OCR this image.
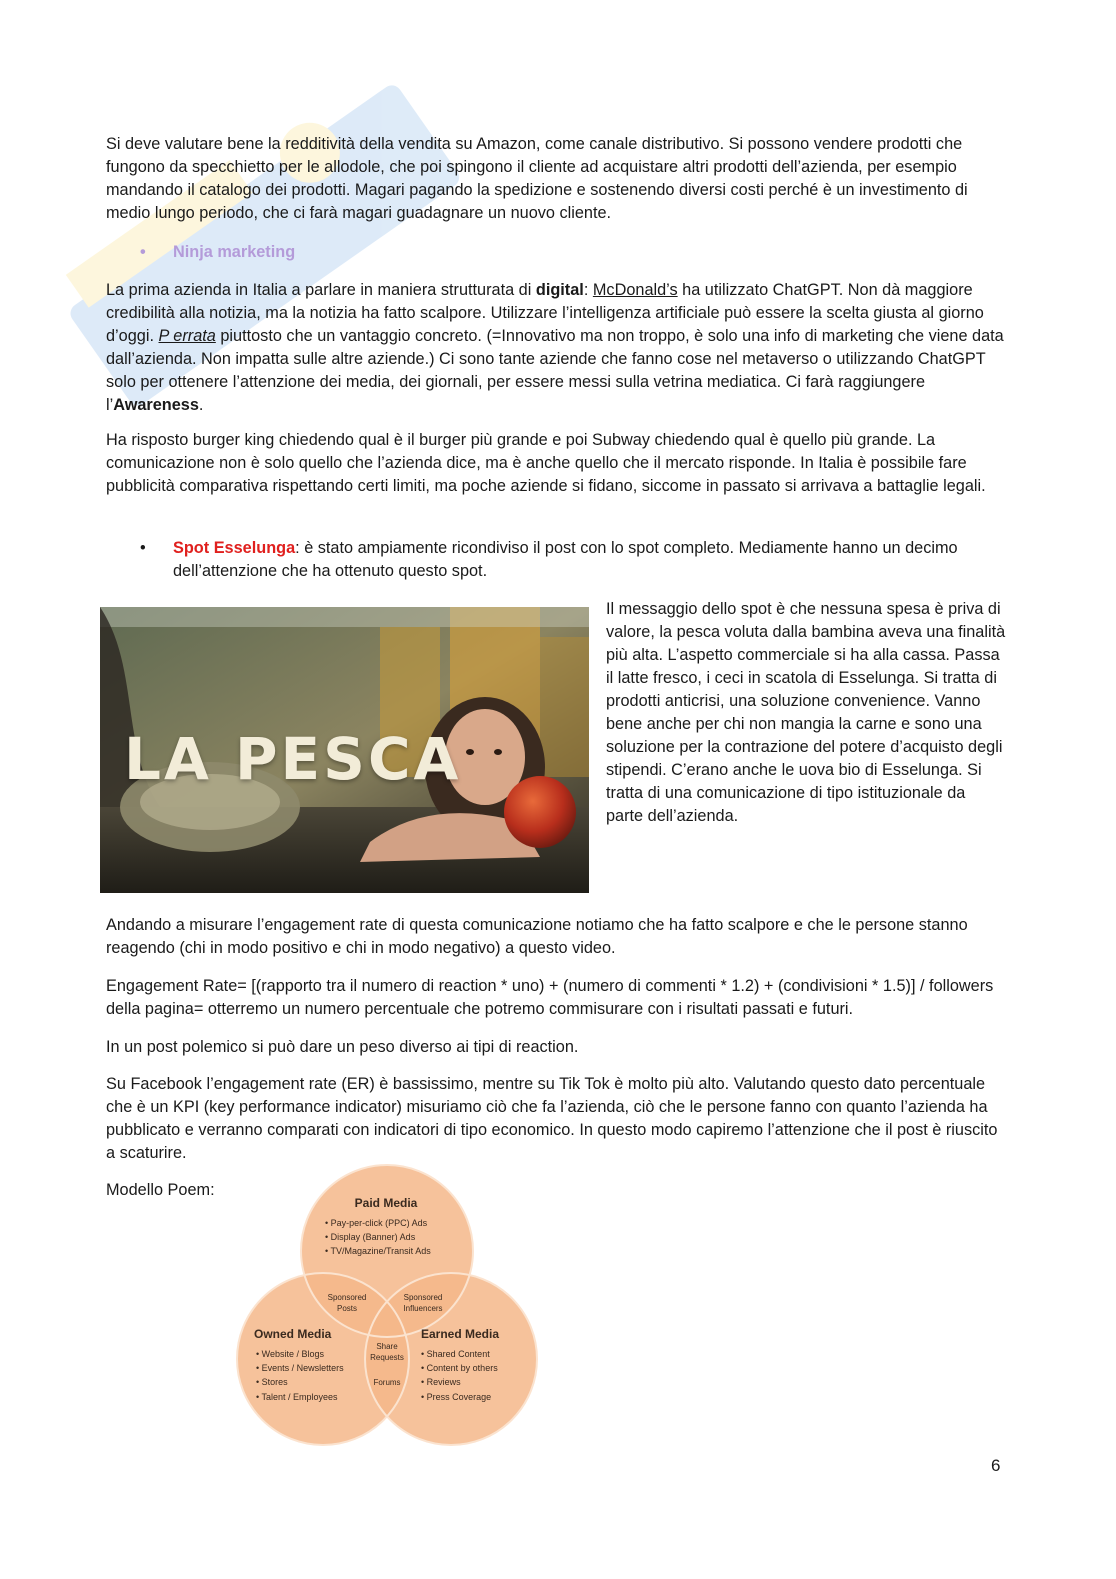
Si deve valutare bene la redditività della vendita su Amazon, come canale distributivo. Si possono vendere prodotti che fungono da specchietto per le allodole, che poi spingono il cliente ad acquistare altri prodotti dell’azienda, per esempio mandando il catalogo dei prodotti. Magari pagando la spedizione e sostenendo diversi costi perché è un investimento di medio lungo periodo, che ci farà magari guadagnare un nuovo cliente.

•	Ninja marketing

La prima azienda in Italia a parlare in maniera strutturata di digital: McDonald’s ha utilizzato ChatGPT. Non dà maggiore credibilità alla notizia, ma la notizia ha fatto scalpore. Utilizzare l’intelligenza artificiale può essere la scelta giusta al giorno d’oggi. P errata piuttosto che un vantaggio concreto. (=Innovativo ma non troppo, è solo una info di marketing che viene data dall’azienda. Non impatta sulle altre aziende.) Ci sono tante aziende che fanno cose nel metaverso o utilizzando ChatGPT solo per ottenere l’attenzione dei media, dei giornali, per essere messi sulla vetrina mediatica. Ci farà raggiungere l’Awareness.

Ha risposto burger king chiedendo qual è il burger più grande e poi Subway chiedendo qual è quello più grande. La comunicazione non è solo quello che l’azienda dice, ma è anche quello che il mercato risponde. In Italia è possibile fare pubblicità comparativa rispettando certi limiti, ma poche aziende si fidano, siccome in passato si arrivava a battaglie legali.

•	Spot Esselunga: è stato ampiamente ricondiviso il post con lo spot completo. Mediamente hanno un decimo dell’attenzione che ha ottenuto questo spot.

LA PESCA

Il messaggio dello spot è che nessuna spesa è priva di valore, la pesca voluta dalla bambina aveva una finalità più alta. L’aspetto commerciale si ha alla cassa. Passa il latte fresco, i ceci in scatola di Esselunga. Si tratta di prodotti anticrisi, una soluzione convenience. Vanno bene anche per chi non mangia la carne e sono una soluzione per la contrazione del potere d’acquisto degli stipendi. C’erano anche le uova bio di Esselunga. Si tratta di una comunicazione di tipo istituzionale da parte dell’azienda.

Andando a misurare l’engagement rate di questa comunicazione notiamo che ha fatto scalpore e che le persone stanno reagendo (chi in modo positivo e chi in modo negativo) a questo video.

Engagement Rate= [(rapporto tra il numero di reaction * uno) + (numero di commenti * 1.2) + (condivisioni * 1.5)] / followers della pagina= otterremo un numero percentuale che potremo commisurare con i risultati passati e futuri.

In un post polemico si può dare un peso diverso ai tipi di reaction.

Su Facebook l’engagement rate (ER) è bassissimo, mentre su Tik Tok è molto più alto. Valutando questo dato percentuale che è un KPI (key performance indicator) misuriamo ciò che fa l’azienda, ciò che le persone fanno con quanto l’azienda ha pubblicato e verranno comparati con indicatori di tipo economico. In questo modo capiremo l’attenzione che il post è riuscito a scaturire.

Modello Poem:

Paid Media
• Pay-per-click (PPC) Ads
• Display (Banner) Ads
• TV/Magazine/Transit Ads
Owned Media
• Website / Blogs
• Events / Newsletters
• Stores
• Talent / Employees
Earned Media
• Shared Content
• Content by others
• Reviews
• Press Coverage
Sponsored
Posts
Sponsored
Influencers
Share
Requests
Forums
6
